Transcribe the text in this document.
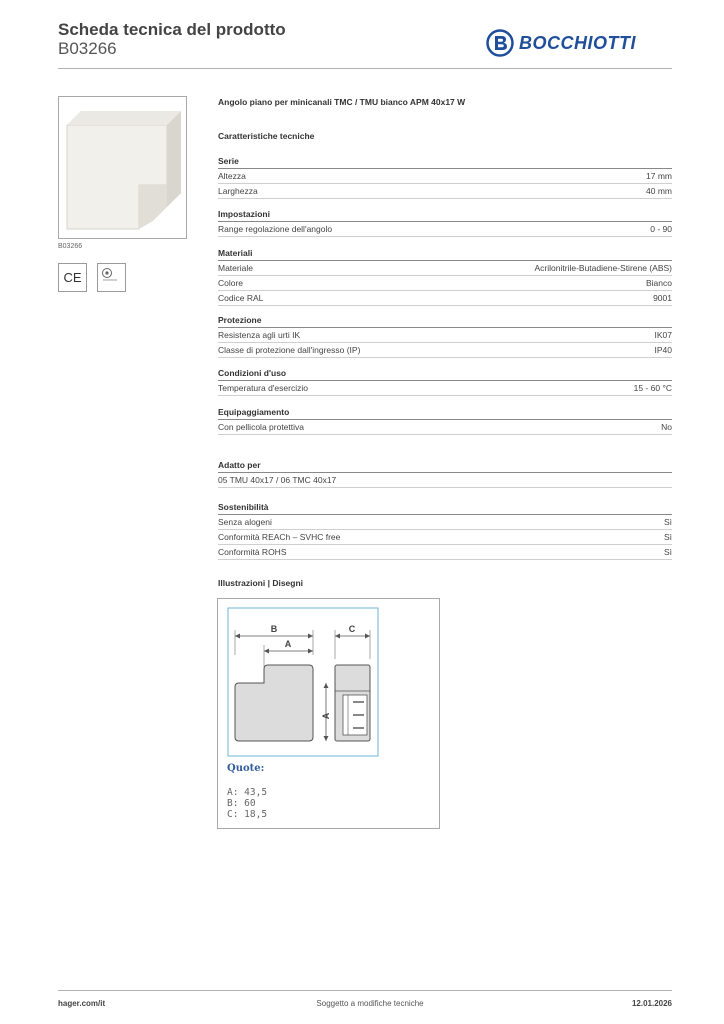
Scheda tecnica del prodotto
B03266	BOCCHIOTTI
B03266
CE
Angolo piano per minicanali TMC / TMU bianco APM 40x17 W
Caratteristiche tecniche
Serie
Altezza	17 mm
Larghezza	40 mm
Impostazioni
Range regolazione dell'angolo	0 - 90
Materiali
Materiale	Acrilonitrile-Butadiene-Stirene (ABS)
Colore	Bianco
Codice RAL	9001
Protezione
Resistenza agli urti IK	IK07
Classe di protezione dall'ingresso (IP)	IP40
Condizioni d'uso
Temperatura d'esercizio	15 - 60 °C
Equipaggiamento
Con pellicola protettiva	No
Adatto per
05 TMU 40x17 / 06 TMC 40x17
Sostenibilità
Senza alogeni	Sì
Conformità REACh – SVHC free	Sì
Conformità ROHS	Sì
Illustrazioni | Disegni
B
A
C
A
Quote:
A: 43,5
B: 60
C: 18,5
hager.com/it	Soggetto a modifiche tecniche	12.01.2026
